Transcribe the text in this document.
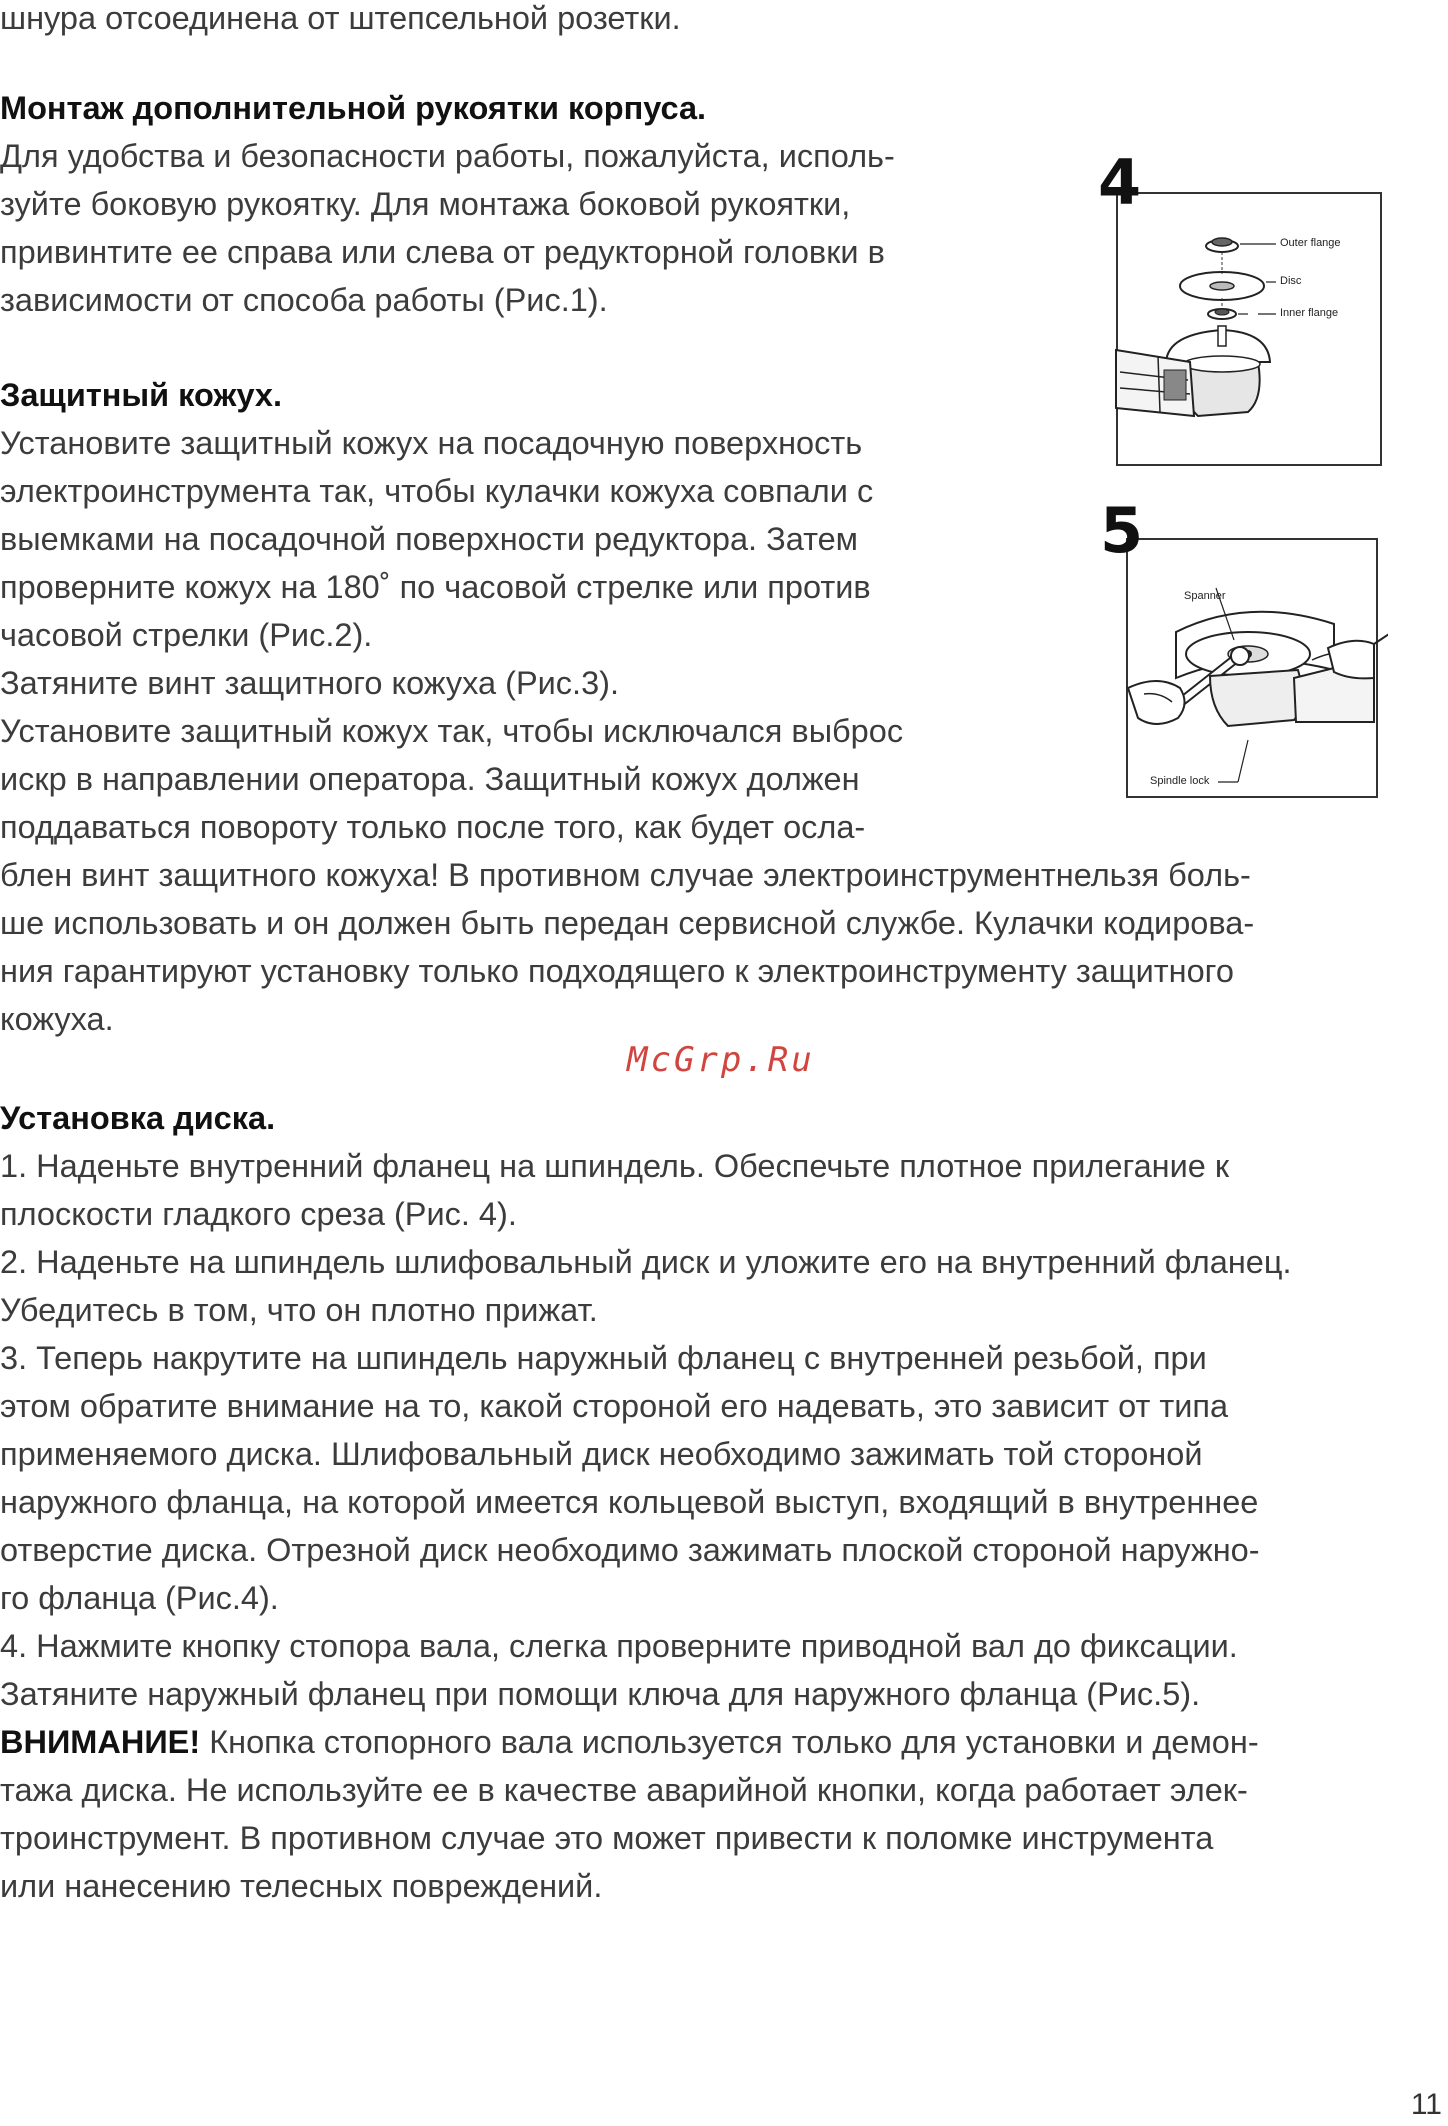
шнура отсоединена от штепсельной розетки.
Монтаж дополнительной рукоятки корпуса.
Для удобства и безопасности работы, пожалуйста, исполь-
зуйте боковую рукоятку. Для монтажа боковой рукоятки,
привинтите ее справа или слева от редукторной головки в
зависимости от способа работы (Рис.1).
Защитный кожух.
Установите защитный кожух на посадочную поверхность
электроинструмента так, чтобы кулачки кожуха совпали с
выемками на посадочной поверхности редуктора. Затем
проверните кожух на 180˚ по часовой стрелке или против
часовой стрелки (Рис.2).
Затяните винт защитного кожуха (Рис.3).
Установите защитный кожух так, чтобы исключался выброс
искр в направлении оператора. Защитный кожух должен
поддаваться повороту только после того, как будет осла-
блен винт защитного кожуха! В противном случае электроинструментнельзя боль-
ше использовать и он должен быть передан сервисной службе. Кулачки кодирова-
ния гарантируют установку только подходящего к электроинструменту защитного
кожуха.
McGrp.Ru
Установка диска.
1. Наденьте внутренний фланец на шпиндель. Обеспечьте плотное прилегание к
плоскости гладкого среза (Рис. 4).
2. Наденьте на шпиндель шлифовальный диск и уложите его на внутренний фланец.
Убедитесь в том, что он плотно прижат.
3. Теперь накрутите на шпиндель наружный фланец с внутренней резьбой, при
этом обратите внимание на то, какой стороной его надевать, это зависит от типа
применяемого диска. Шлифовальный диск необходимо зажимать той стороной
наружного фланца, на которой имеется кольцевой выступ, входящий в внутреннее
отверстие диска. Отрезной диск необходимо зажимать плоской стороной наружно-
го фланца (Рис.4).
4. Нажмите кнопку стопора вала, слегка проверните приводной вал до фиксации.
Затяните наружный фланец при помощи ключа для наружного фланца (Рис.5).
ВНИМАНИЕ! Кнопка стопорного вала используется только для установки и демон-
тажа диска. Не используйте ее в качестве аварийной кнопки, когда работает элек-
троинструмент. В противном случае это может привести к поломке инструмента
или нанесению телесных повреждений.
4
Outer flange
Disc
Inner flange
5
Spanner
Spindle lock
11
